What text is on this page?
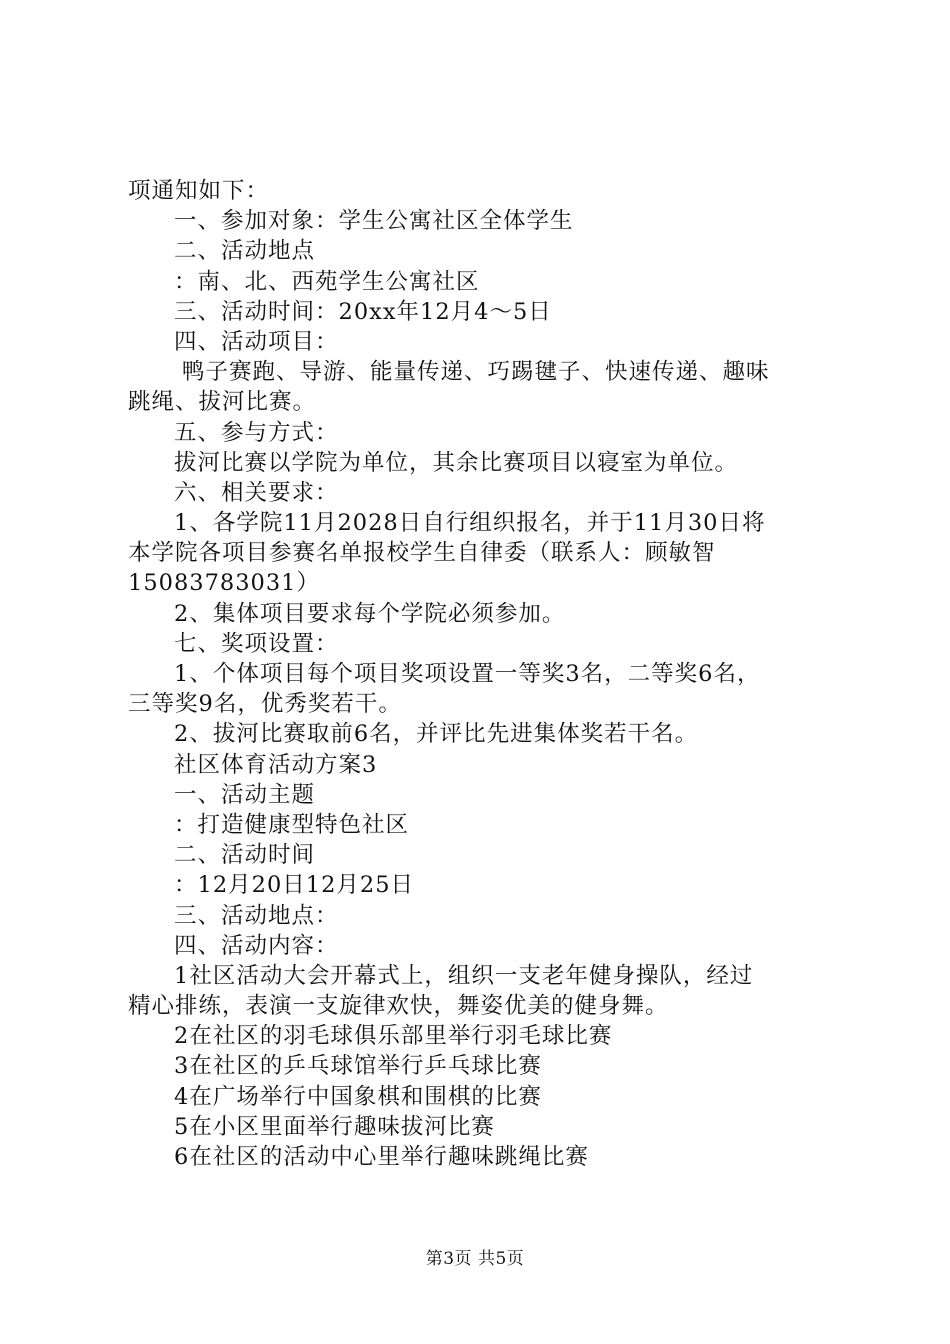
项通知如下：
一、参加对象：学生公寓社区全体学生
二、活动地点
：南、北、西苑学生公寓社区
三、活动时间：20xx年12月4～5日
四、活动项目：
鸭子赛跑、导游、能量传递、巧踢毽子、快速传递、趣味
跳绳、拔河比赛。
五、参与方式：
拔河比赛以学院为单位，其余比赛项目以寝室为单位。
六、相关要求：
1、各学院11月2028日自行组织报名，并于11月30日将
本学院各项目参赛名单报校学生自律委（联系人：顾敏智
15083783031）
2、集体项目要求每个学院必须参加。
七、奖项设置：
1、个体项目每个项目奖项设置一等奖3名，二等奖6名，
三等奖9名，优秀奖若干。
2、拔河比赛取前6名，并评比先进集体奖若干名。
社区体育活动方案3
一、活动主题
：打造健康型特色社区
二、活动时间
：12月20日12月25日
三、活动地点：
四、活动内容：
1社区活动大会开幕式上，组织一支老年健身操队，经过
精心排练，表演一支旋律欢快，舞姿优美的健身舞。
2在社区的羽毛球俱乐部里举行羽毛球比赛
3在社区的乒乓球馆举行乒乓球比赛
4在广场举行中国象棋和围棋的比赛
5在小区里面举行趣味拔河比赛
6在社区的活动中心里举行趣味跳绳比赛
第3页 共5页
